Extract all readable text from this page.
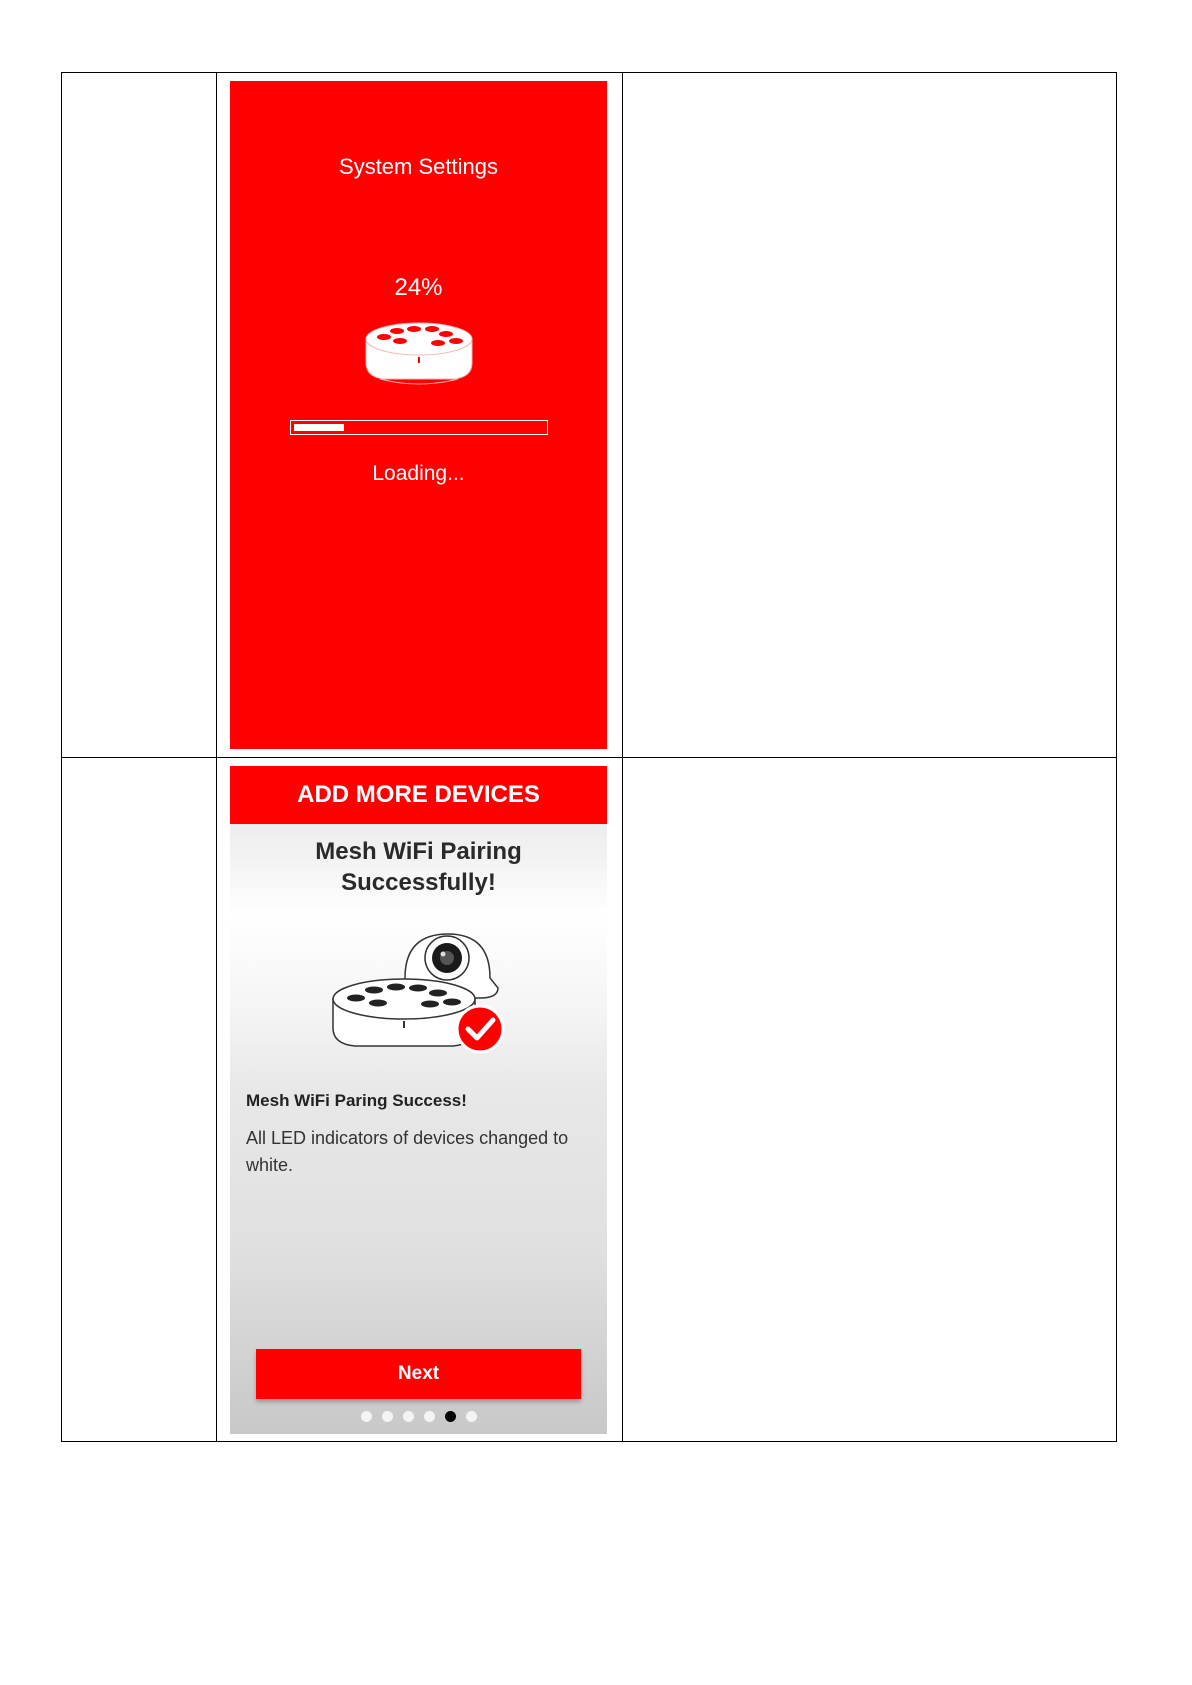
System Settings
24%
Loading...
ADD MORE DEVICES
Mesh WiFi Pairing
Successfully!
Mesh WiFi Paring Success!
All LED indicators of devices changed to white.
Next
